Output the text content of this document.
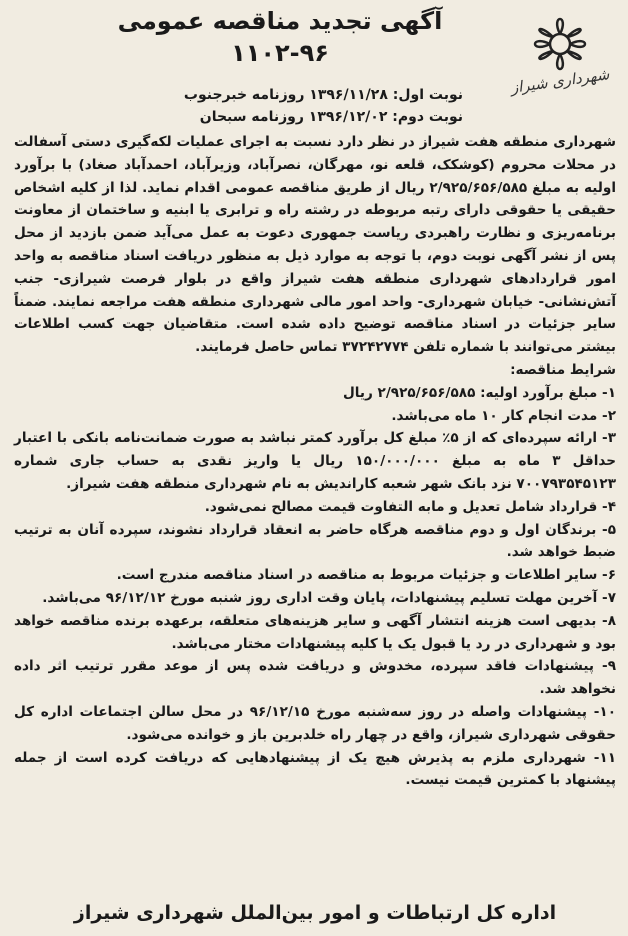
شهرداری شیراز
آگهی تجدید مناقصه عمومی
۱۱۰۲-۹۶
نوبت اول: ۱۳۹۶/۱۱/۲۸ روزنامه خبرجنوب
نوبت دوم: ۱۳۹۶/۱۲/۰۲ روزنامه سبحان

شهرداری منطقه هفت شیراز در نظر دارد نسبت به اجرای عملیات لکه‌گیری دستی آسفالت در محلات محروم (کوشکک، قلعه نو، مهرگان، نصرآباد، وزیرآباد، احمدآباد صغاد) با برآورد اولیه به مبلغ ۲/۹۲۵/۶۵۶/۵۸۵ ریال از طریق مناقصه عمومی اقدام نماید. لذا از کلیه اشخاص حقیقی یا حقوقی دارای رتبه مربوطه در رشته راه و ترابری یا ابنیه و ساختمان از معاونت برنامه‌ریزی و نظارت راهبردی ریاست جمهوری دعوت به عمل می‌آید ضمن بازدید از محل پس از نشر آگهی نوبت دوم، با توجه به موارد ذیل به منظور دریافت اسناد مناقصه به واحد امور قراردادهای شهرداری منطقه هفت شیراز واقع در بلوار فرصت شیرازی- جنب آتش‌نشانی- خیابان شهرداری- واحد امور مالی شهرداری منطقه هفت مراجعه نمایند. ضمناً سایر جزئیات در اسناد مناقصه توضیح داده شده است. متقاضیان جهت کسب اطلاعات بیشتر می‌توانند با شماره تلفن ۳۷۲۴۲۷۷۴ تماس حاصل فرمایند.

شرایط مناقصه:

۱- مبلغ برآورد اولیه: ۲/۹۲۵/۶۵۶/۵۸۵ ریال
۲- مدت انجام کار ۱۰ ماه می‌باشد.
۳- ارائه سپرده‌ای که از ۵٪ مبلغ کل برآورد کمتر نباشد به صورت ضمانت‌نامه بانکی با اعتبار حداقل ۳ ماه به مبلغ ۱۵۰/۰۰۰/۰۰۰ ریال یا واریز نقدی به حساب جاری شماره ۷۰۰۷۹۳۵۴۵۱۲۳ نزد بانک شهر شعبه کاراندیش به نام شهرداری منطقه هفت شیراز.
۴- قرارداد شامل تعدیل و مابه التفاوت قیمت مصالح نمی‌شود.
۵- برندگان اول و دوم مناقصه هرگاه حاضر به انعقاد قرارداد نشوند، سپرده آنان به ترتیب ضبط خواهد شد.
۶- سایر اطلاعات و جزئیات مربوط به مناقصه در اسناد مناقصه مندرج است.
۷- آخرین مهلت تسلیم پیشنهادات، پایان وقت اداری روز شنبه مورخ ۹۶/۱۲/۱۲ می‌باشد.
۸- بدیهی است هزینه انتشار آگهی و سایر هزینه‌های متعلقه، برعهده برنده مناقصه خواهد بود و شهرداری در رد یا قبول یک یا کلیه پیشنهادات مختار می‌باشد.
۹- پیشنهادات فاقد سپرده، مخدوش و دریافت شده پس از موعد مقرر ترتیب اثر داده نخواهد شد.
۱۰- پیشنهادات واصله در روز سه‌شنبه مورخ ۹۶/۱۲/۱۵ در محل سالن اجتماعات اداره کل حقوقی شهرداری شیراز، واقع در چهار راه خلدبرین باز و خوانده می‌شود.
۱۱- شهرداری ملزم به پذیرش هیچ یک از پیشنهادهایی که دریافت کرده است از جمله پیشنهاد با کمترین قیمت نیست.
اداره کل ارتباطات و امور بین‌الملل شهرداری شیراز
